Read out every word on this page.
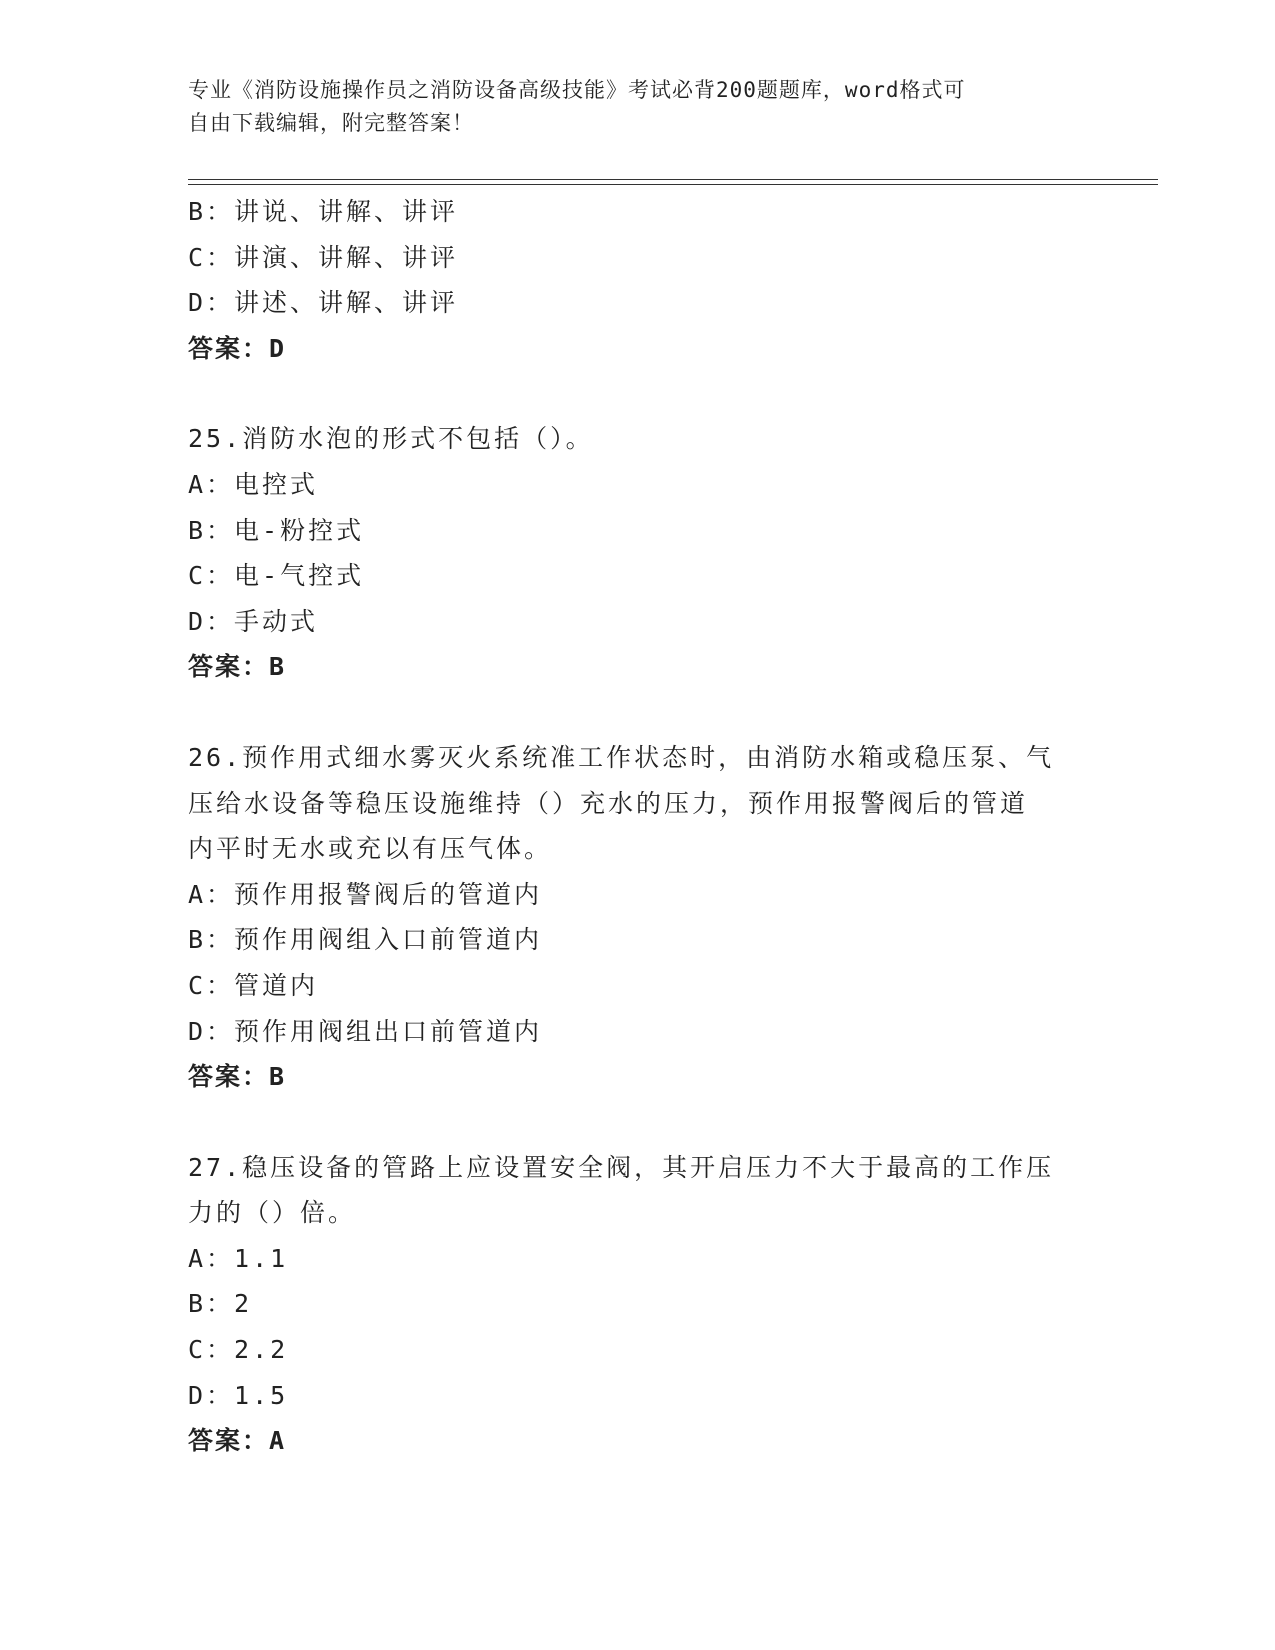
专业《消防设施操作员之消防设备高级技能》考试必背200题题库，word格式可
自由下载编辑，附完整答案！
B：讲说、讲解、讲评
C：讲演、讲解、讲评
D：讲述、讲解、讲评
答案：D
25.消防水泡的形式不包括（）。
A：电控式
B：电-粉控式
C：电-气控式
D：手动式
答案：B
26.预作用式细水雾灭火系统准工作状态时，由消防水箱或稳压泵、气
压给水设备等稳压设施维持（）充水的压力，预作用报警阀后的管道
内平时无水或充以有压气体。
A：预作用报警阀后的管道内
B：预作用阀组入口前管道内
C：管道内
D：预作用阀组出口前管道内
答案：B
27.稳压设备的管路上应设置安全阀，其开启压力不大于最高的工作压
力的（）倍。
A：1.1
B：2
C：2.2
D：1.5
答案：A
